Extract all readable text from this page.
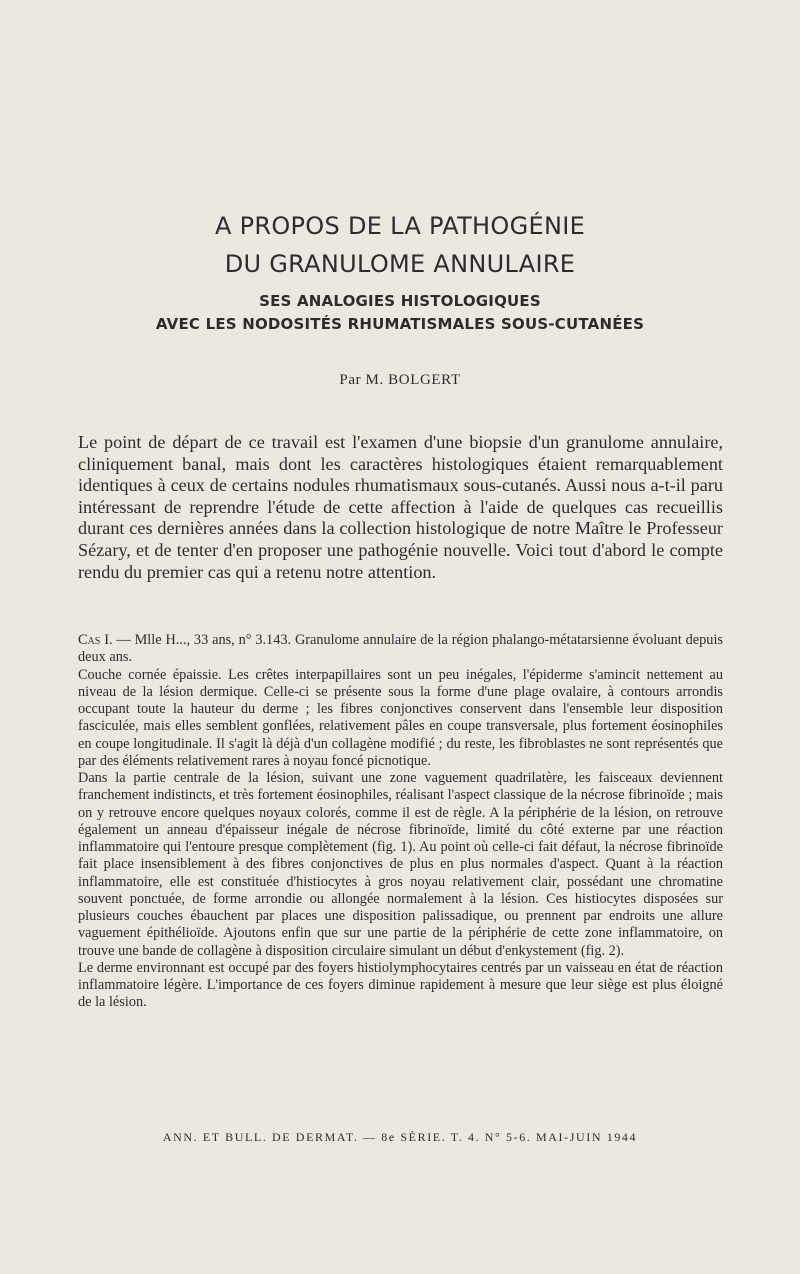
A PROPOS DE LA PATHOGÉNIE
DU GRANULOME ANNULAIRE
SES ANALOGIES HISTOLOGIQUES
AVEC LES NODOSITÉS RHUMATISMALES SOUS-CUTANÉES
Par M. BOLGERT

Le point de départ de ce travail est l'examen d'une biopsie d'un granulome annulaire, cliniquement banal, mais dont les caractères histologiques étaient remarquablement identiques à ceux de certains nodules rhumatismaux sous-cutanés. Aussi nous a-t-il paru intéressant de reprendre l'étude de cette affection à l'aide de quelques cas recueillis durant ces dernières années dans la collection histologique de notre Maître le Professeur Sézary, et de tenter d'en proposer une pathogénie nouvelle. Voici tout d'abord le compte rendu du premier cas qui a retenu notre attention.

Cas I. — Mlle H..., 33 ans, n° 3.143. Granulome annulaire de la région phalango-métatarsienne évoluant depuis deux ans.

Couche cornée épaissie. Les crêtes interpapillaires sont un peu inégales, l'épiderme s'amincit nettement au niveau de la lésion dermique. Celle-ci se présente sous la forme d'une plage ovalaire, à contours arrondis occupant toute la hauteur du derme ; les fibres conjonctives conservent dans l'ensemble leur disposition fasciculée, mais elles semblent gonflées, relativement pâles en coupe transversale, plus fortement éosinophiles en coupe longitudinale. Il s'agit là déjà d'un collagène modifié ; du reste, les fibroblastes ne sont représentés que par des éléments relativement rares à noyau foncé picnotique.

Dans la partie centrale de la lésion, suivant une zone vaguement quadrilatère, les faisceaux deviennent franchement indistincts, et très fortement éosinophiles, réalisant l'aspect classique de la nécrose fibrinoïde ; mais on y retrouve encore quelques noyaux colorés, comme il est de règle. A la périphérie de la lésion, on retrouve également un anneau d'épaisseur inégale de nécrose fibrinoïde, limité du côté externe par une réaction inflammatoire qui l'entoure presque complètement (fig. 1). Au point où celle-ci fait défaut, la nécrose fibrinoïde fait place insensiblement à des fibres conjonctives de plus en plus normales d'aspect. Quant à la réaction inflammatoire, elle est constituée d'histiocytes à gros noyau relativement clair, possédant une chromatine souvent ponctuée, de forme arrondie ou allongée normalement à la lésion. Ces histiocytes disposées sur plusieurs couches ébauchent par places une disposition palissadique, ou prennent par endroits une allure vaguement épithélioïde. Ajoutons enfin que sur une partie de la périphérie de cette zone inflammatoire, on trouve une bande de collagène à disposition circulaire simulant un début d'enkystement (fig. 2).

Le derme environnant est occupé par des foyers histiolymphocytaires centrés par un vaisseau en état de réaction inflammatoire légère. L'importance de ces foyers diminue rapidement à mesure que leur siège est plus éloigné de la lésion.

ANN. ET BULL. DE DERMAT. — 8e SÉRIE. T. 4. N° 5-6. MAI-JUIN 1944
